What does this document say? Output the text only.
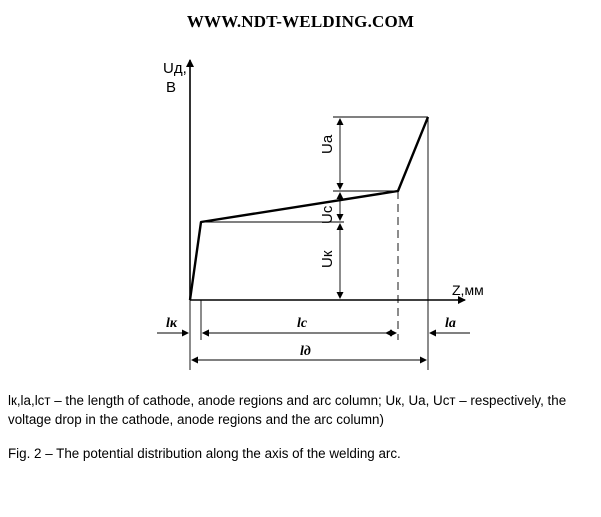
WWW.NDT-WELDING.COM
Uд,
В
Z,мм
Ua
Uc
Uк
lк	lc	la
lд
lк,lа,lст – the length of cathode, anode regions and arc column; Uк, Ua, Uст – respectively, the voltage drop in the cathode, anode regions and the arc column)
Fig. 2 – The potential distribution along the axis of the welding arc.
